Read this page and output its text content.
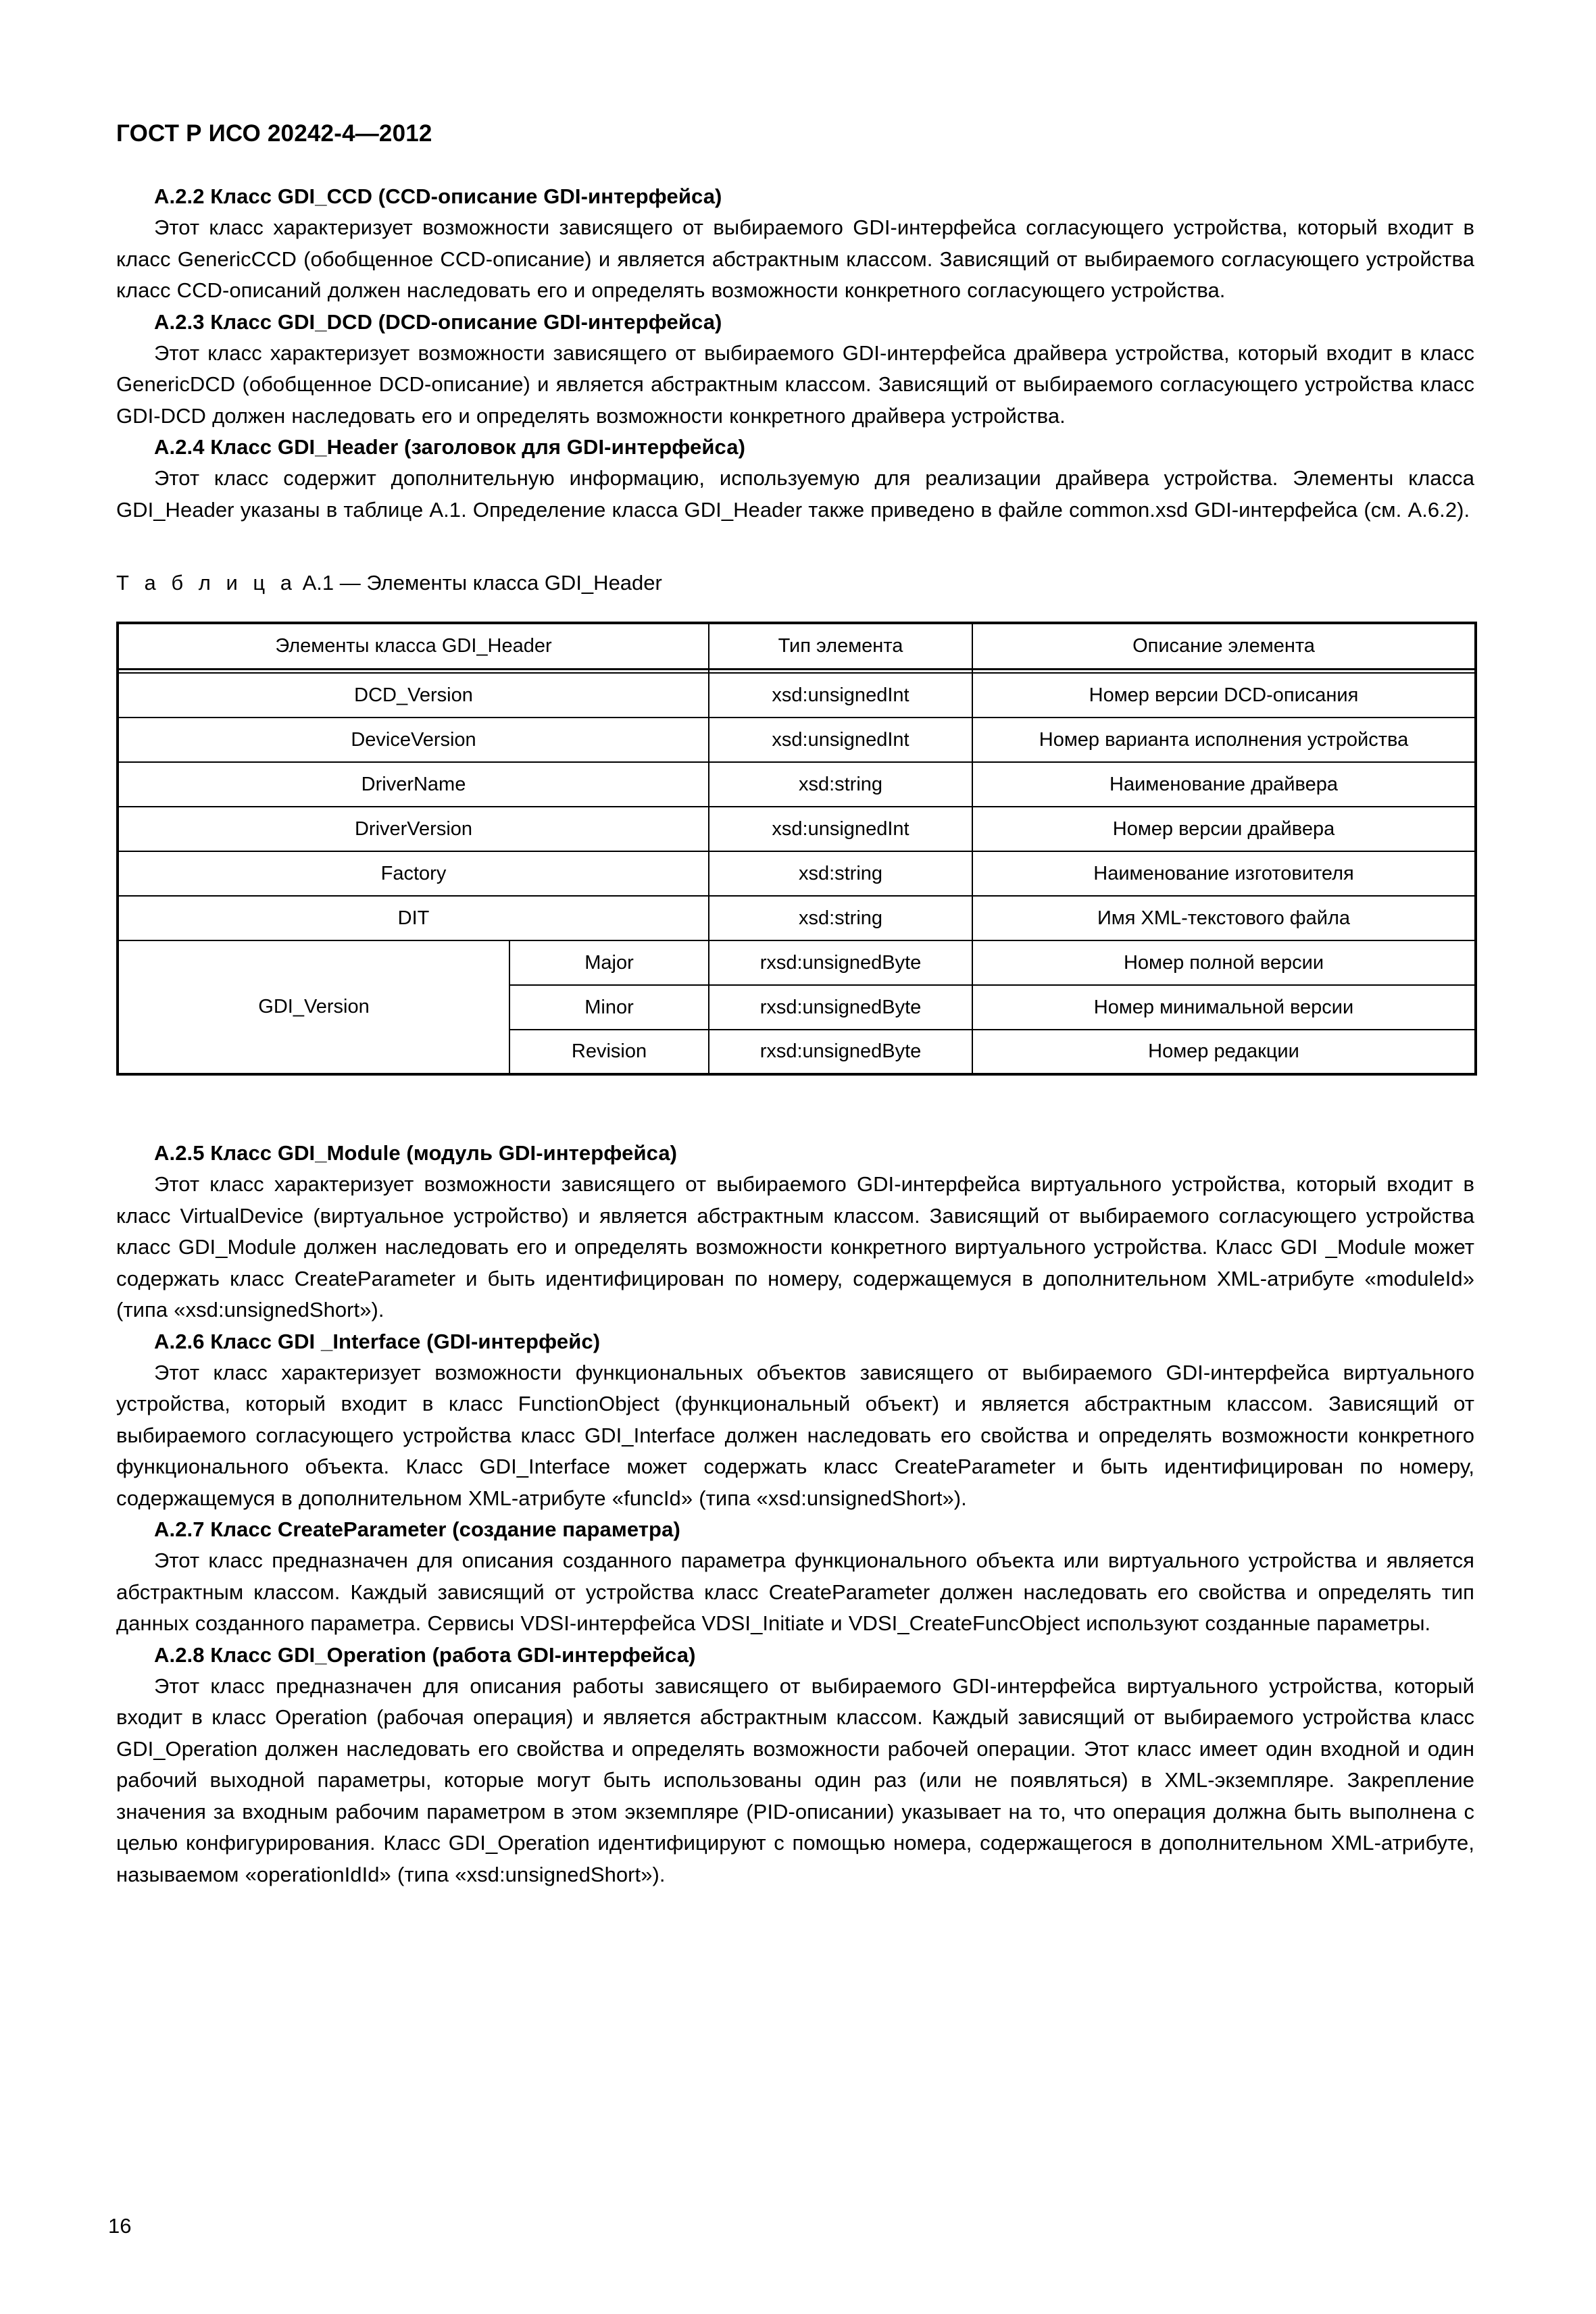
ГОСТ Р ИСО 20242-4—2012
A.2.2 Класс GDI_CCD (CCD-описание GDI-интерфейса)

Этот класс характеризует возможности зависящего от выбираемого GDI-интерфейса согласующего устройства, который входит в класс GenericCCD (обобщенное CCD-описание) и является абстрактным классом. Зависящий от выбираемого согласующего устройства класс CCD-описаний должен наследовать его и определять возможности конкретного согласующего устройства.

A.2.3 Класс GDI_DCD (DCD-описание GDI-интерфейса)

Этот класс характеризует возможности зависящего от выбираемого GDI-интерфейса драйвера устройства, который входит в класс GenericDCD (обобщенное DCD-описание) и является абстрактным классом. Зависящий от выбираемого согласующего устройства класс GDI-DCD должен наследовать его и определять возможности конкретного драйвера устройства.

A.2.4 Класс GDI_Header (заголовок для GDI-интерфейса)

Этот класс содержит дополнительную информацию, используемую для реализации драйвера устройства. Элементы класса GDI_Header указаны в таблице А.1. Определение класса GDI_Header также приведено в файле common.xsd GDI-интерфейса (см. А.6.2).

Т а б л и ц а А.1 — Элементы класса GDI_Header
Элементы класса GDI_Header		Тип элемента	Описание элемента

DCD_Version		xsd:unsignedInt	Номер версии DCD-описания
DeviceVersion		xsd:unsignedInt	Номер варианта исполнения устройства
DriverName		xsd:string	Наименование драйвера
DriverVersion		xsd:unsignedInt	Номер версии драйвера
Factory		xsd:string	Наименование изготовителя
DIT		xsd:string	Имя XML-текстового файла
GDI_Version	Major	rxsd:unsignedByte	Номер полной версии
	Minor	rxsd:unsignedByte	Номер минимальной версии
	Revision	rxsd:unsignedByte	Номер редакции
A.2.5 Класс GDI_Module (модуль GDI-интерфейса)

Этот класс характеризует возможности зависящего от выбираемого GDI-интерфейса виртуального устройства, который входит в класс VirtualDevice (виртуальное устройство) и является абстрактным классом. Зависящий от выбираемого согласующего устройства класс GDI_Module должен наследовать его и определять возможности конкретного виртуального устройства. Класс GDI _Module может содержать класс CreateParameter и быть идентифицирован по номеру, содержащемуся в дополнительном XML-атрибуте «moduleId» (типа «xsd:unsignedShort»).

A.2.6 Класс GDI _Interface (GDI-интерфейс)

Этот класс характеризует возможности функциональных объектов зависящего от выбираемого GDI-интерфейса виртуального устройства, который входит в класс FunctionObject (функциональный объект) и является абстрактным классом. Зависящий от выбираемого согласующего устройства класс GDI_Interface должен наследовать его свойства и определять возможности конкретного функционального объекта. Класс GDI_Interface может содержать класс CreateParameter и быть идентифицирован по номеру, содержащемуся в дополнительном XML-атрибуте «funcId» (типа «xsd:unsignedShort»).

A.2.7 Класс CreateParameter (создание параметра)

Этот класс предназначен для описания созданного параметра функционального объекта или виртуального устройства и является абстрактным классом. Каждый зависящий от устройства класс CreateParameter должен наследовать его свойства и определять тип данных созданного параметра. Сервисы VDSI-интерфейса VDSI_Initiate и VDSI_CreateFuncObject используют созданные параметры.

A.2.8 Класс GDI_Operation (работа GDI-интерфейса)

Этот класс предназначен для описания работы зависящего от выбираемого GDI-интерфейса виртуального устройства, который входит в класс Operation (рабочая операция) и является абстрактным классом. Каждый зависящий от выбираемого устройства класс GDI_Operation должен наследовать его свойства и определять возможности рабочей операции. Этот класс имеет один входной и один рабочий выходной параметры, которые могут быть использованы один раз (или не появляться) в XML-экземпляре. Закрепление значения за входным рабочим параметром в этом экземпляре (PID-описании) указывает на то, что операция должна быть выполнена с целью конфигурирования. Класс GDI_Operation идентифицируют с помощью номера, содержащегося в дополнительном XML-атрибуте, называемом «operationIdId» (типа «xsd:unsignedShort»).

16
